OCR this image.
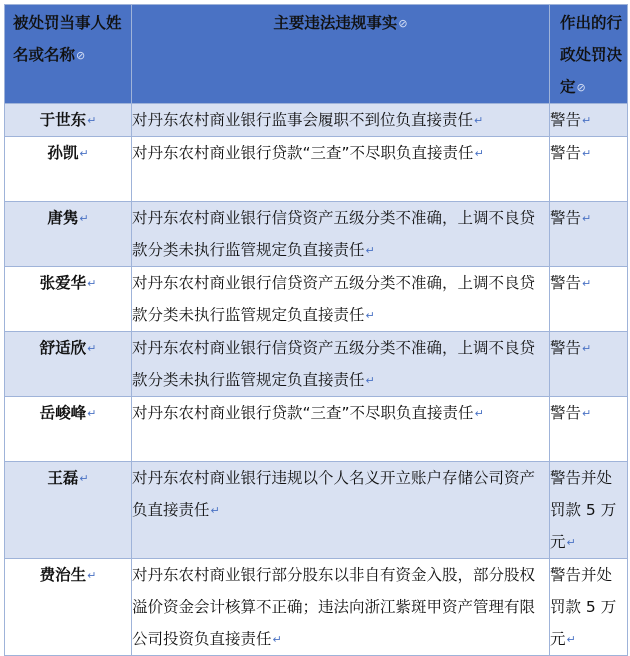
被处罚当事人姓名或名称⊘	主要违法违规事实⊘	作出的行政处罚决定⊘
于世东↵	对丹东农村商业银行监事会履职不到位负直接责任↵	警告↵
孙凯↵	对丹东农村商业银行贷款“三查”不尽职负直接责任↵	警告↵
唐隽↵	对丹东农村商业银行信贷资产五级分类不准确，上调不良贷款分类未执行监管规定负直接责任↵	警告↵
张爱华↵	对丹东农村商业银行信贷资产五级分类不准确，上调不良贷款分类未执行监管规定负直接责任↵	警告↵
舒适欣↵	对丹东农村商业银行信贷资产五级分类不准确，上调不良贷款分类未执行监管规定负直接责任↵	警告↵
岳峻峰↵	对丹东农村商业银行贷款“三查”不尽职负直接责任↵	警告↵
王磊↵	对丹东农村商业银行违规以个人名义开立账户存储公司资产负直接责任↵	警告并处罚款 5 万元↵
费治生↵	对丹东农村商业银行部分股东以非自有资金入股，部分股权溢价资金会计核算不正确；违法向浙江紫斑甲资产管理有限公司投资负直接责任↵	警告并处罚款 5 万元↵
